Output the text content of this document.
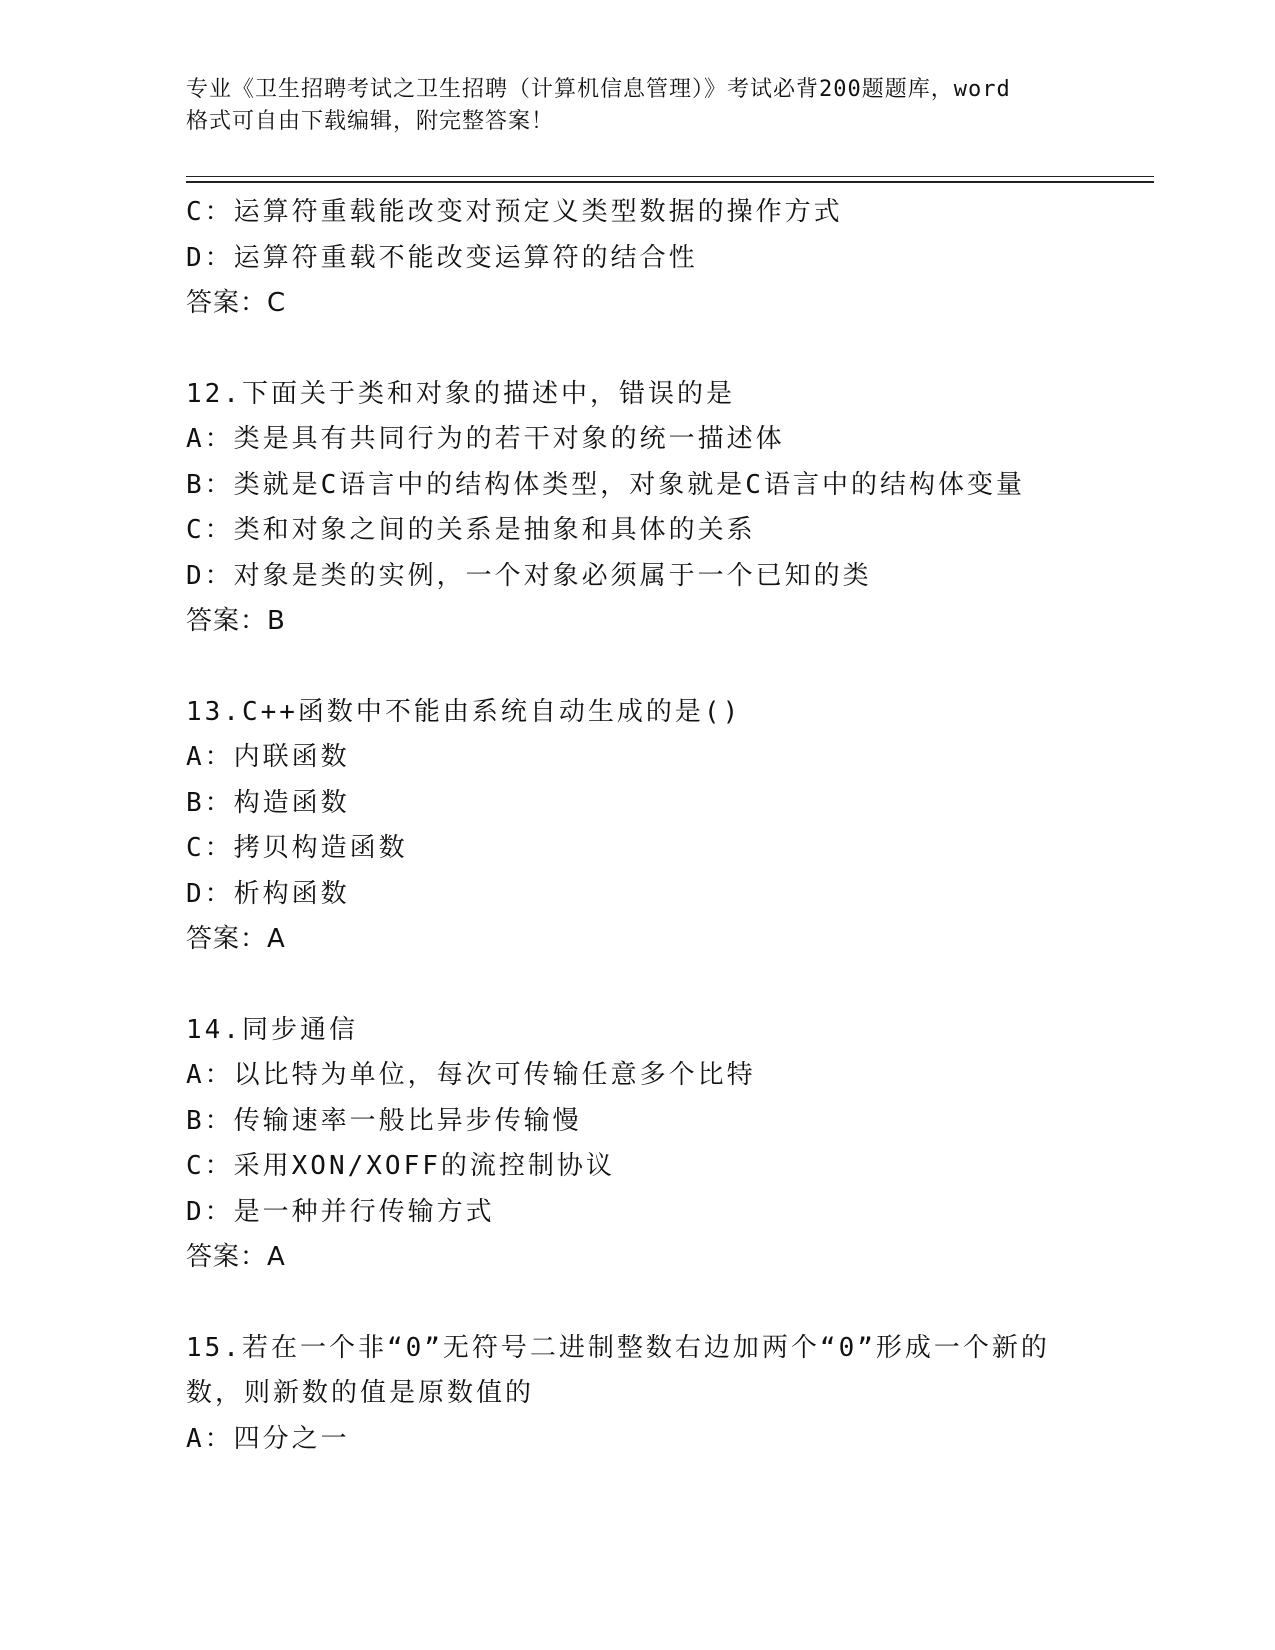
专业《卫生招聘考试之卫生招聘（计算机信息管理）》考试必背200题题库，word
格式可自由下载编辑，附完整答案！
C：运算符重载能改变对预定义类型数据的操作方式
D：运算符重载不能改变运算符的结合性
答案：C
12.下面关于类和对象的描述中，错误的是
A：类是具有共同行为的若干对象的统一描述体
B：类就是C语言中的结构体类型，对象就是C语言中的结构体变量
C：类和对象之间的关系是抽象和具体的关系
D：对象是类的实例，一个对象必须属于一个已知的类
答案：B
13.C++函数中不能由系统自动生成的是()
A：内联函数
B：构造函数
C：拷贝构造函数
D：析构函数
答案：A
14.同步通信
A：以比特为单位，每次可传输任意多个比特
B：传输速率一般比异步传输慢
C：采用XON/XOFF的流控制协议
D：是一种并行传输方式
答案：A
15.若在一个非“0”无符号二进制整数右边加两个“0”形成一个新的
数，则新数的值是原数值的
A：四分之一
